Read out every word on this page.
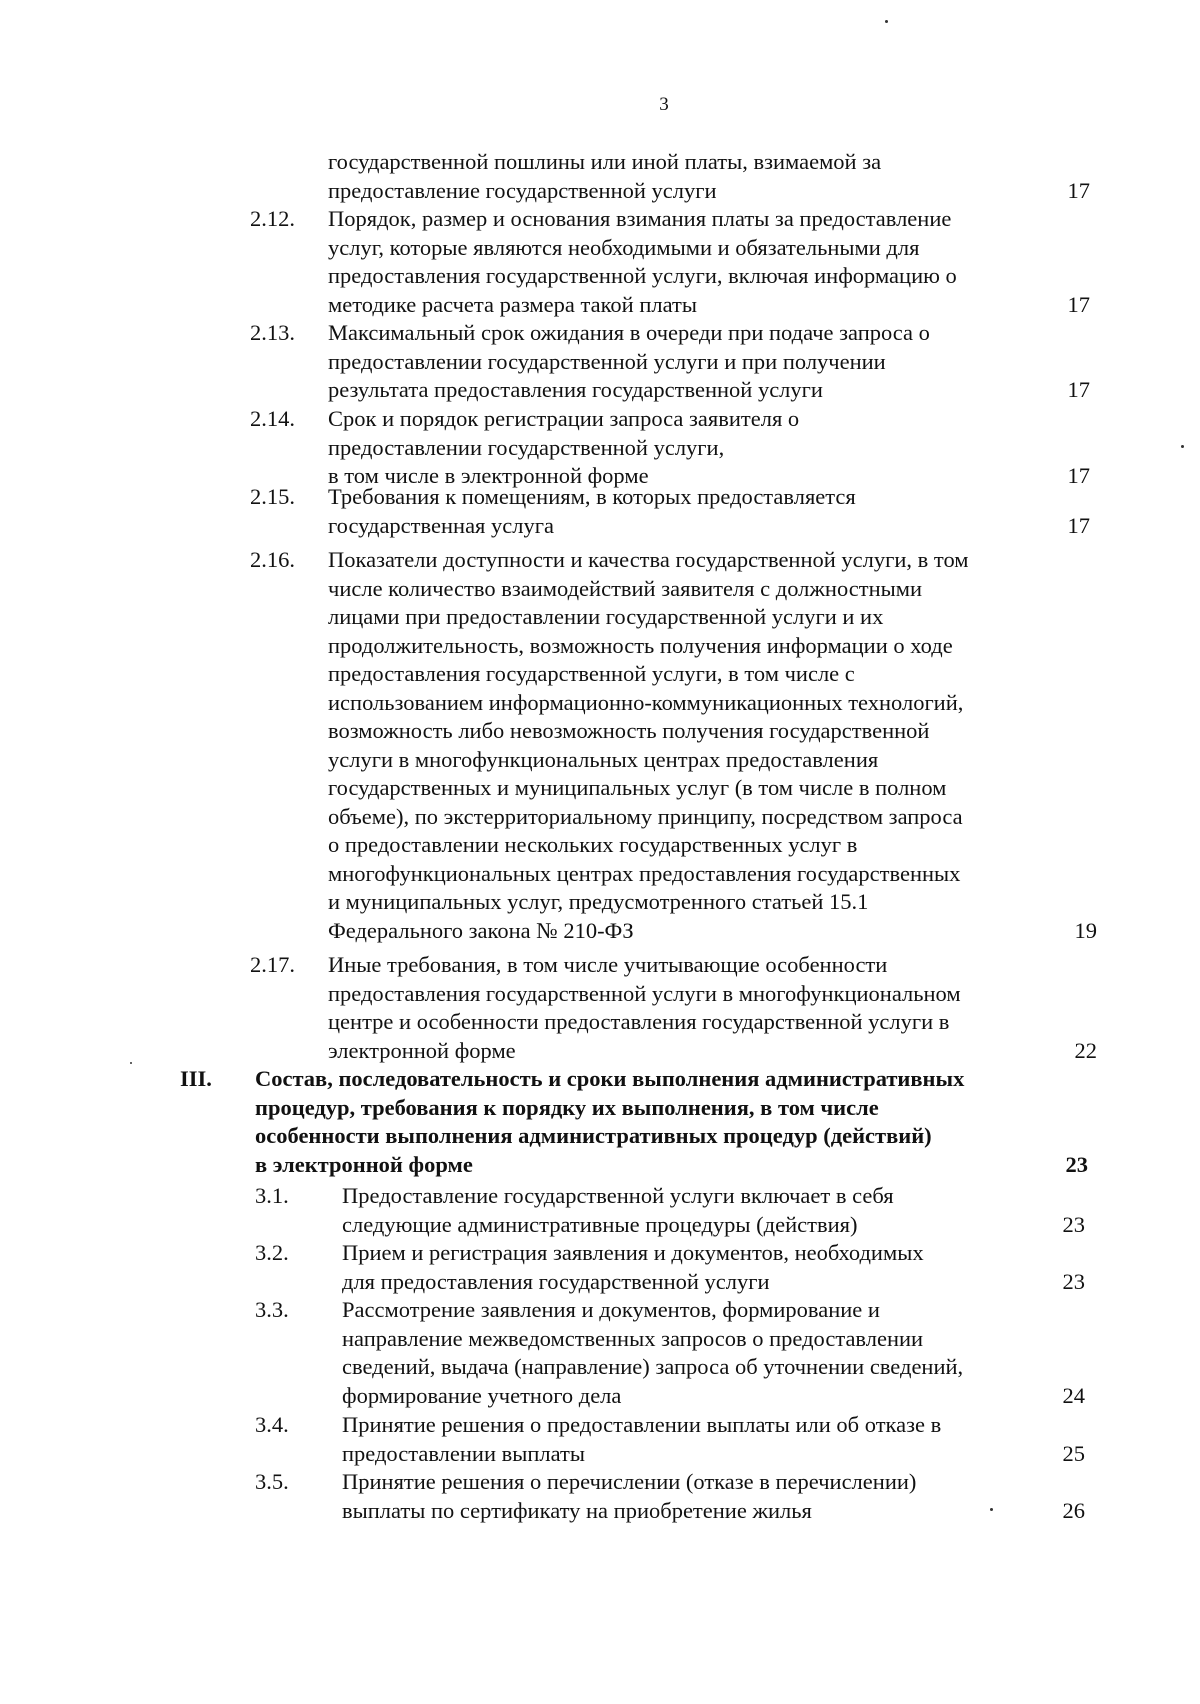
3
государственной пошлины или иной платы, взимаемой за
предоставление государственной услуги	17
2.12. Порядок, размер и основания взимания платы за предоставление
услуг, которые являются необходимыми и обязательными для
предоставления государственной услуги, включая информацию о
методике расчета размера такой платы	17
2.13. Максимальный срок ожидания в очереди при подаче запроса о
предоставлении государственной услуги и при получении
результата предоставления государственной услуги	17
2.14. Срок и порядок регистрации запроса заявителя о
предоставлении государственной услуги,
в том числе в электронной форме	17
2.15. Требования к помещениям, в которых предоставляется
государственная услуга	17
2.16. Показатели доступности и качества государственной услуги, в том
числе количество взаимодействий заявителя с должностными
лицами при предоставлении государственной услуги и их
продолжительность, возможность получения информации о ходе
предоставления государственной услуги, в том числе с
использованием информационно-коммуникационных технологий,
возможность либо невозможность получения государственной
услуги в многофункциональных центрах предоставления
государственных и муниципальных услуг (в том числе в полном
объеме), по экстерриториальному принципу, посредством запроса
о предоставлении нескольких государственных услуг в
многофункциональных центрах предоставления государственных
и муниципальных услуг, предусмотренного статьей 15.1
Федерального закона № 210-ФЗ	19
2.17. Иные требования, в том числе учитывающие особенности
предоставления государственной услуги в многофункциональном
центре и особенности предоставления государственной услуги в
электронной форме	22
III. Состав, последовательность и сроки выполнения административных
процедур, требования к порядку их выполнения, в том числе
особенности выполнения административных процедур (действий)
в электронной форме	23
3.1. Предоставление государственной услуги включает в себя
следующие административные процедуры (действия)	23
3.2. Прием и регистрация заявления и документов, необходимых
для предоставления государственной услуги	23
3.3. Рассмотрение заявления и документов, формирование и
направление межведомственных запросов о предоставлении
сведений, выдача (направление) запроса об уточнении сведений,
формирование учетного дела	24
3.4. Принятие решения о предоставлении выплаты или об отказе в
предоставлении выплаты	25
3.5. Принятие решения о перечислении (отказе в перечислении)
выплаты по сертификату на приобретение жилья	26
